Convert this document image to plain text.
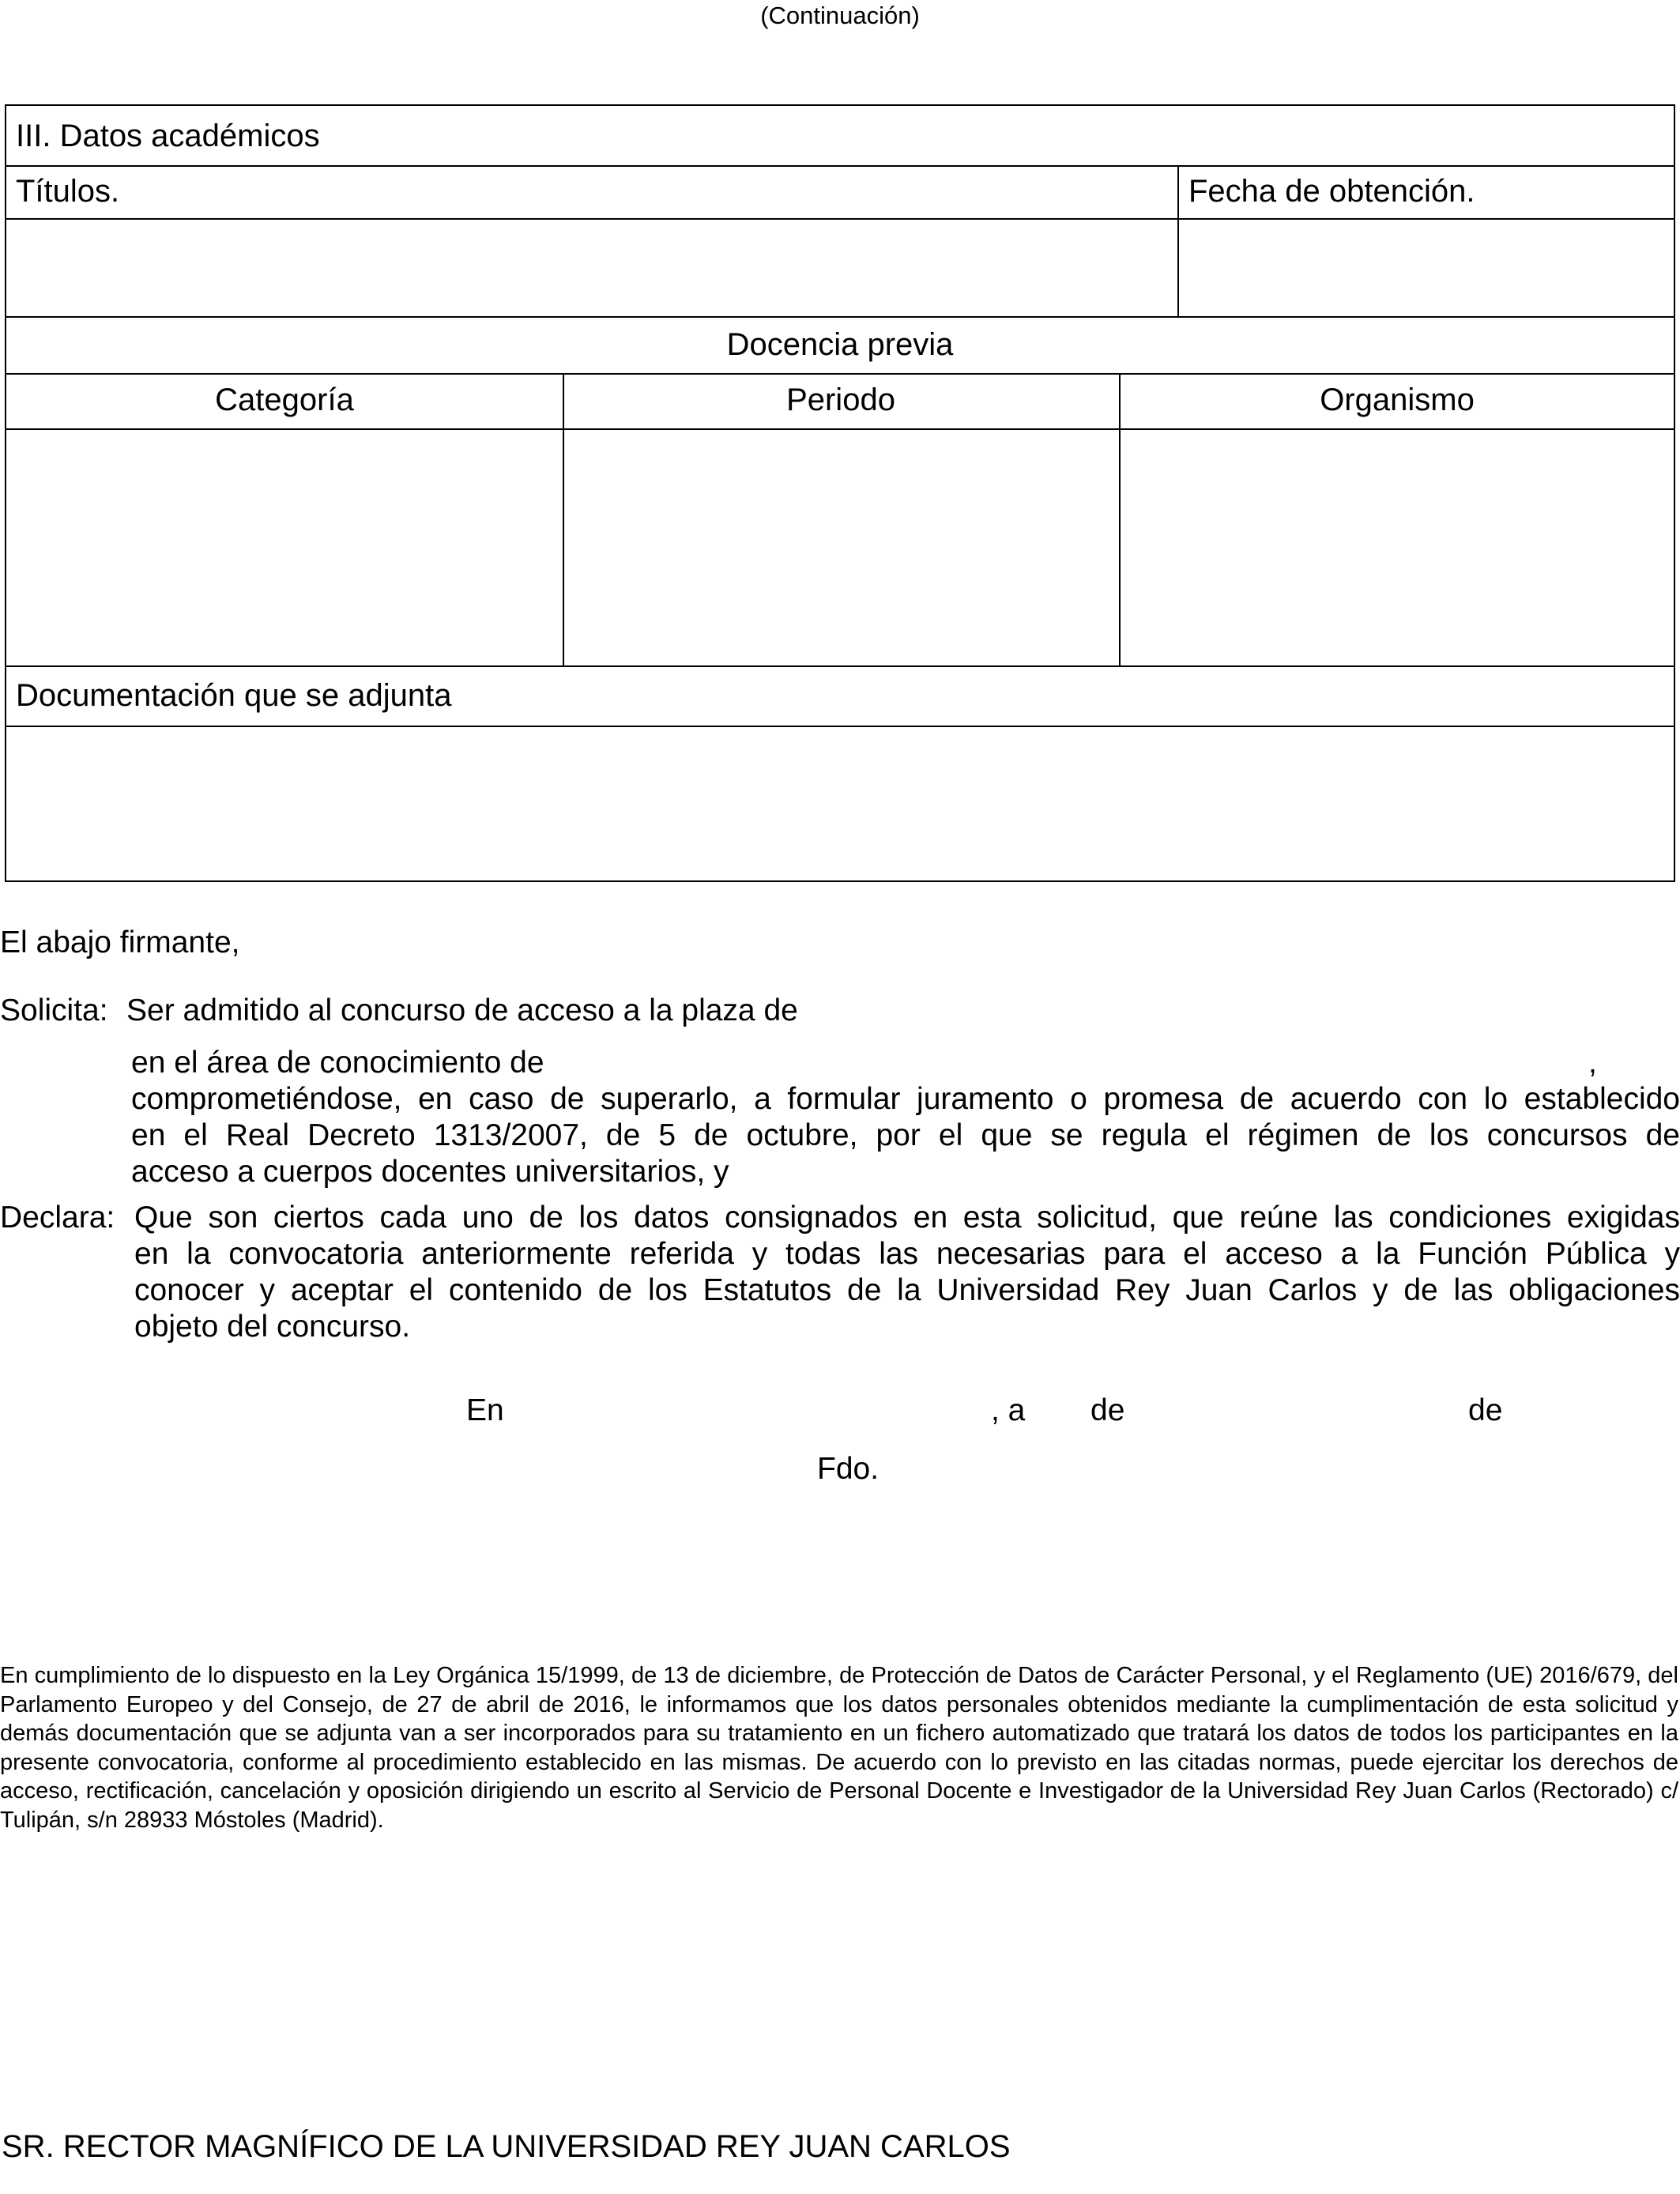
(Continuación)
III. Datos académicos
Títulos.	Fecha de obtención.
Docencia previa
Categoría	Periodo	Organismo
Documentación que se adjunta
El abajo firmante,
Solicita: Ser admitido al concurso de acceso a la plaza de
en el área de conocimiento de	,
comprometiéndose, en caso de superarlo, a formular juramento o promesa de acuerdo con lo establecido
en el Real Decreto 1313/2007, de 5 de octubre, por el que se regula el régimen de los concursos de
acceso a cuerpos docentes universitarios, y
Declara: Que son ciertos cada uno de los datos consignados en esta solicitud, que reúne las condiciones exigidas
en la convocatoria anteriormente referida y todas las necesarias para el acceso a la Función Pública y
conocer y aceptar el contenido de los Estatutos de la Universidad Rey Juan Carlos y de las obligaciones
objeto del concurso.
En	, a de	de
Fdo.
En cumplimiento de lo dispuesto en la Ley Orgánica 15/1999, de 13 de diciembre, de Protección de Datos de Carácter Personal, y el Reglamento (UE) 2016/679, del Parlamento Europeo y del Consejo, de 27 de abril de 2016, le informamos que los datos personales obtenidos mediante la cumplimentación de esta solicitud y demás documentación que se adjunta van a ser incorporados para su tratamiento en un fichero automatizado que tratará los datos de todos los participantes en la presente convocatoria, conforme al procedimiento establecido en las mismas. De acuerdo con lo previsto en las citadas normas, puede ejercitar los derechos de acceso, rectificación, cancelación y oposición dirigiendo un escrito al Servicio de Personal Docente e Investigador de la Universidad Rey Juan Carlos (Rectorado) c/ Tulipán, s/n 28933 Móstoles (Madrid).
SR. RECTOR MAGNÍFICO DE LA UNIVERSIDAD REY JUAN CARLOS
